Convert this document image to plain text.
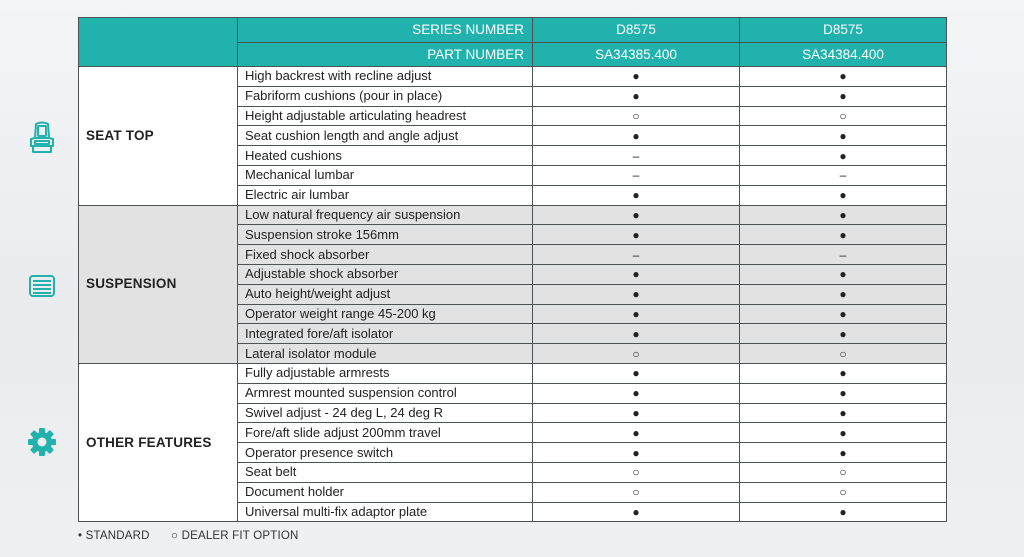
	SERIES NUMBER	D8575	D8575
	PART NUMBER	SA34385.400	SA34384.400
SEAT TOP	High backrest with recline adjust	●	●
	Fabriform cushions (pour in place)	●	●
	Height adjustable articulating headrest	○	○
	Seat cushion length and angle adjust	●	●
	Heated cushions	–	●
	Mechanical lumbar	–	–
	Electric air lumbar	●	●
SUSPENSION	Low natural frequency air suspension	●	●
	Suspension stroke 156mm	●	●
	Fixed shock absorber	–	–
	Adjustable shock absorber	●	●
	Auto height/weight adjust	●	●
	Operator weight range 45-200 kg	●	●
	Integrated fore/aft isolator	●	●
	Lateral isolator module	○	○
OTHER FEATURES	Fully adjustable armrests	●	●
	Armrest mounted suspension control	●	●
	Swivel adjust - 24 deg L, 24 deg R	●	●
	Fore/aft slide adjust 200mm travel	●	●
	Operator presence switch	●	●
	Seat belt	○	○
	Document holder	○	○
	Universal multi-fix adaptor plate	●	●
• STANDARD ○ DEALER FIT OPTION
